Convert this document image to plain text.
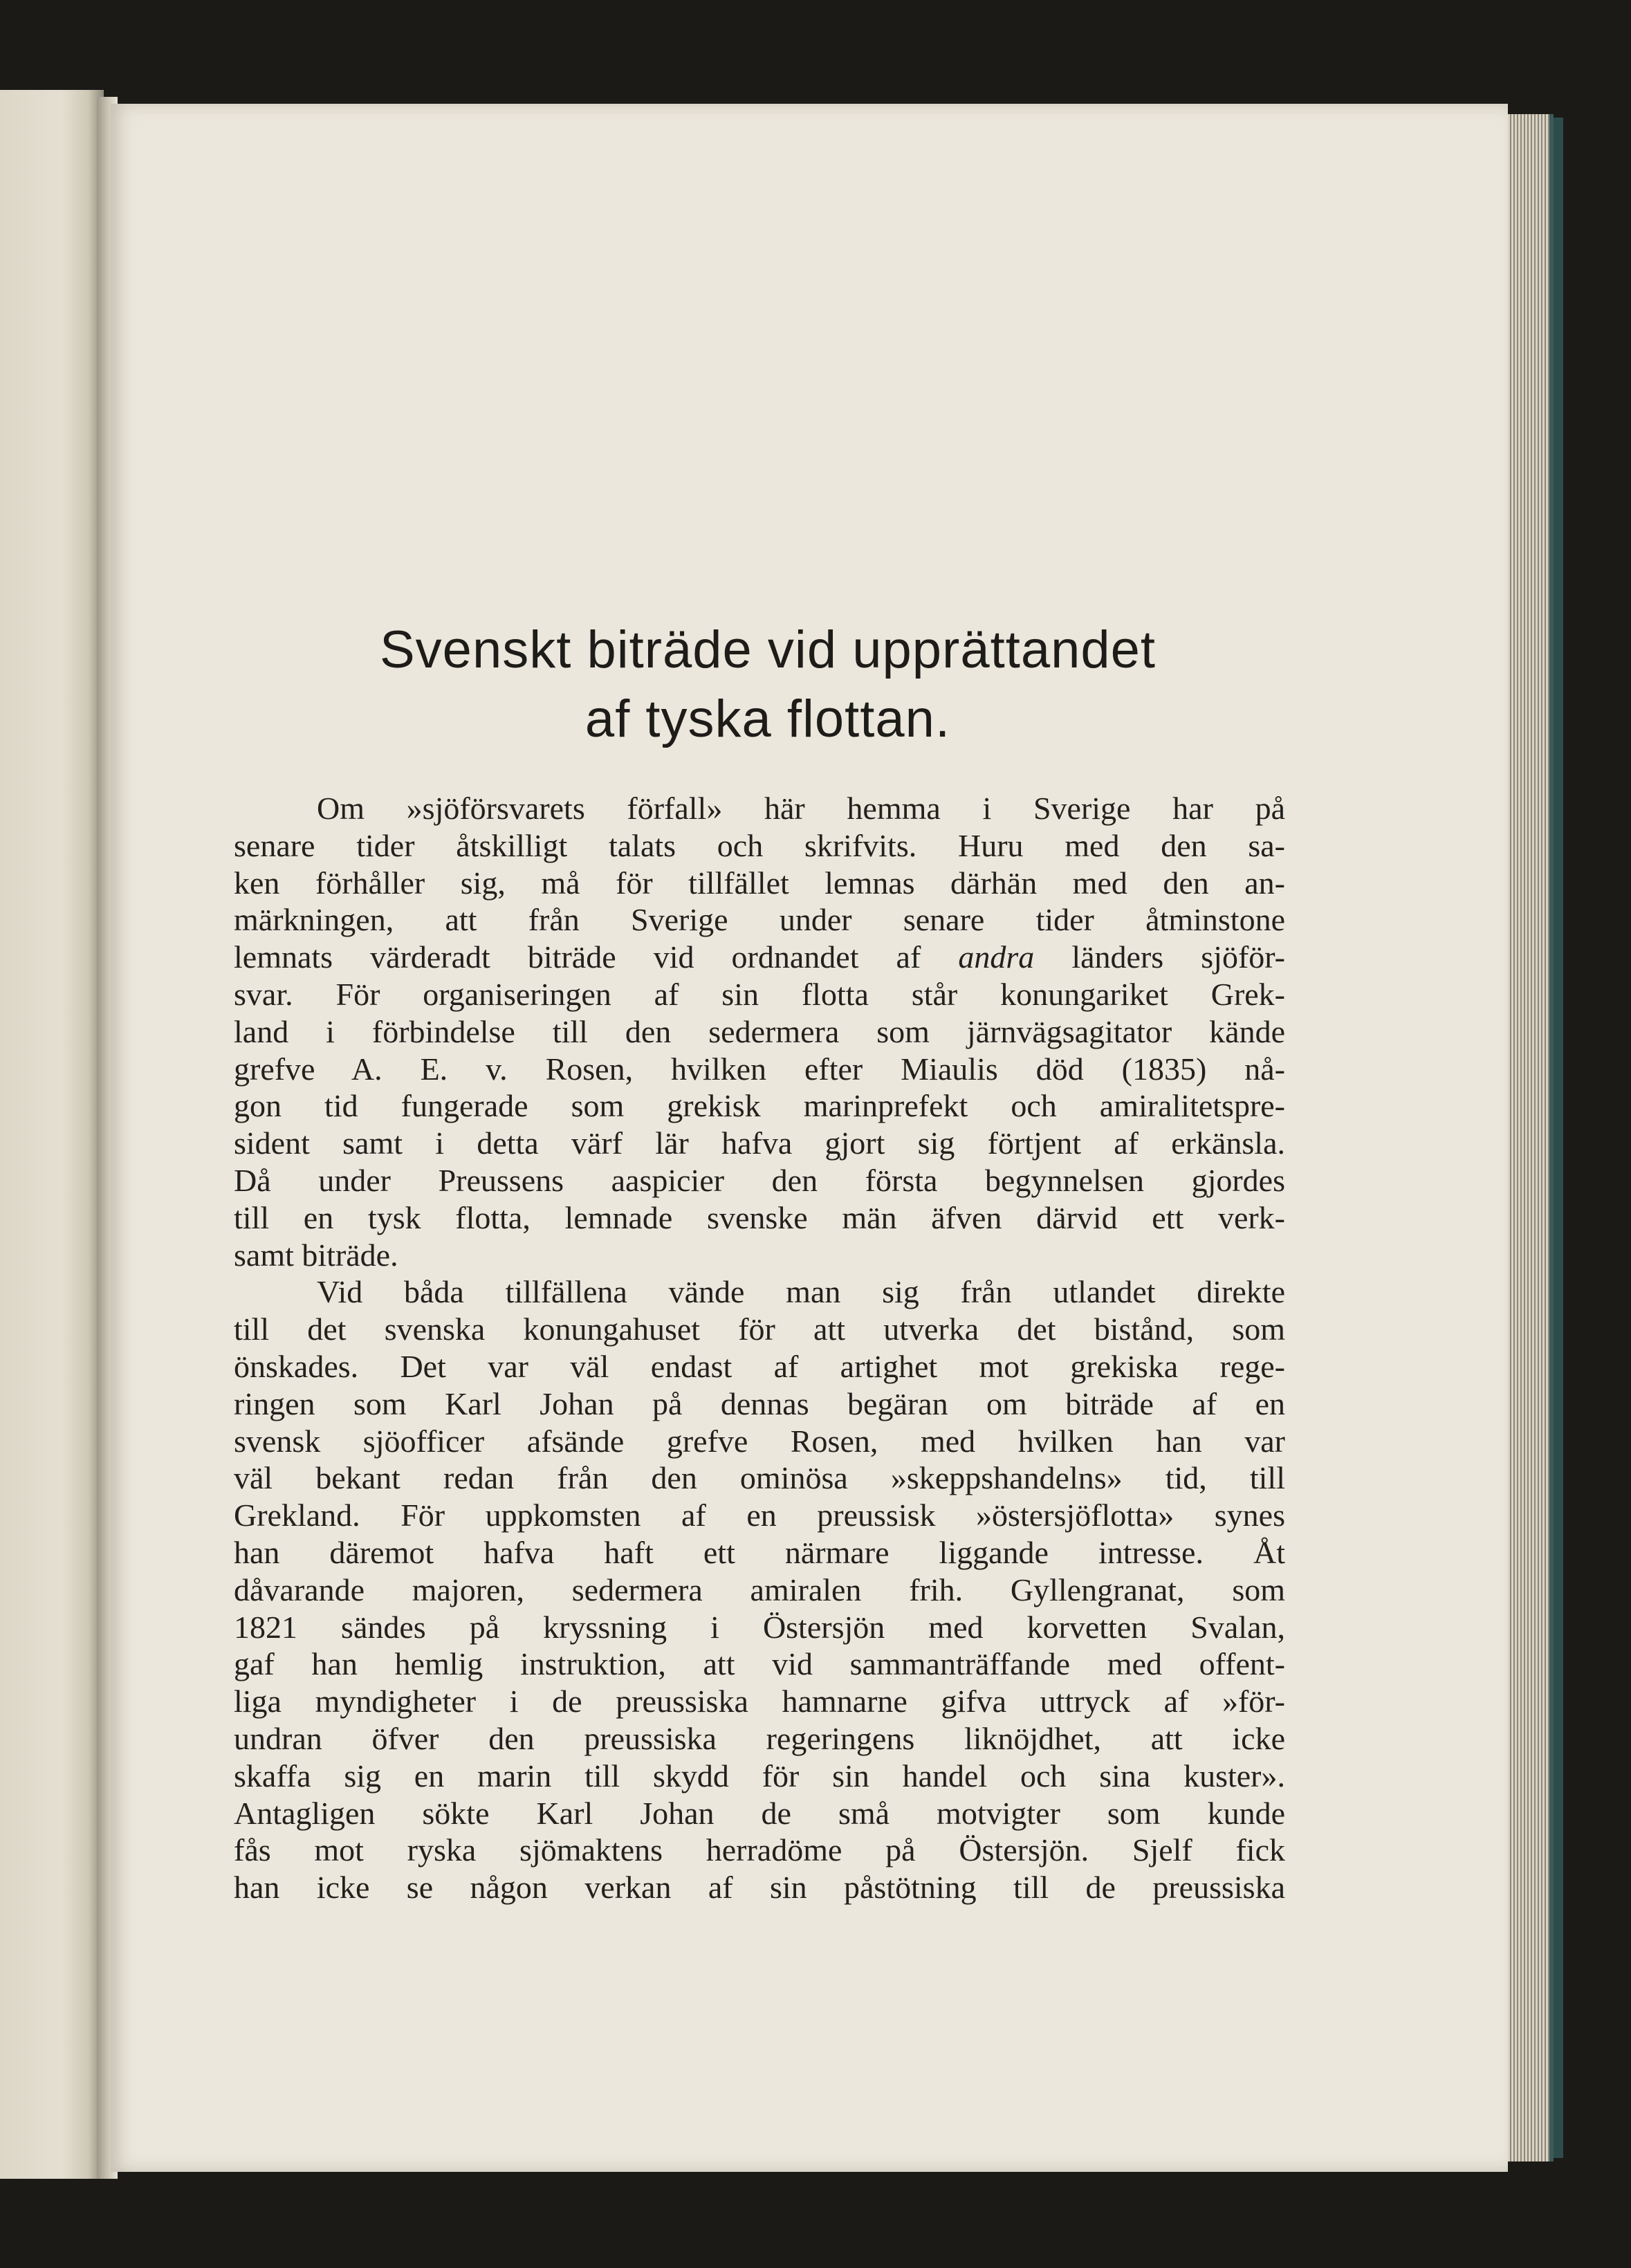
Svenskt biträde vid upprättandet
af tyska flottan.
Om »sjöförsvarets förfall» här hemma i Sverige har på
senare tider åtskilligt talats och skrifvits. Huru med den sa-
ken förhåller sig, må för tillfället lemnas därhän med den an-
märkningen, att från Sverige under senare tider åtminstone
lemnats värderadt biträde vid ordnandet af andra länders sjöför-
svar. För organiseringen af sin flotta står konungariket Grek-
land i förbindelse till den sedermera som järnvägsagitator kände
grefve A. E. v. Rosen, hvilken efter Miaulis död (1835) nå-
gon tid fungerade som grekisk marinprefekt och amiralitetspre-
sident samt i detta värf lär hafva gjort sig förtjent af erkänsla.
Då under Preussens aaspicier den första begynnelsen gjordes
till en tysk flotta, lemnade svenske män äfven därvid ett verk-
samt biträde.
Vid båda tillfällena vände man sig från utlandet direkte
till det svenska konungahuset för att utverka det bistånd, som
önskades. Det var väl endast af artighet mot grekiska rege-
ringen som Karl Johan på dennas begäran om biträde af en
svensk sjöofficer afsände grefve Rosen, med hvilken han var
väl bekant redan från den ominösa »skeppshandelns» tid, till
Grekland. För uppkomsten af en preussisk »östersjöflotta» synes
han däremot hafva haft ett närmare liggande intresse. Åt
dåvarande majoren, sedermera amiralen frih. Gyllengranat, som
1821 sändes på kryssning i Östersjön med korvetten Svalan,
gaf han hemlig instruktion, att vid sammanträffande med offent-
liga myndigheter i de preussiska hamnarne gifva uttryck af »för-
undran öfver den preussiska regeringens liknöjdhet, att icke
skaffa sig en marin till skydd för sin handel och sina kuster».
Antagligen sökte Karl Johan de små motvigter som kunde
fås mot ryska sjömaktens herradöme på Östersjön. Sjelf fick
han icke se någon verkan af sin påstötning till de preussiska
